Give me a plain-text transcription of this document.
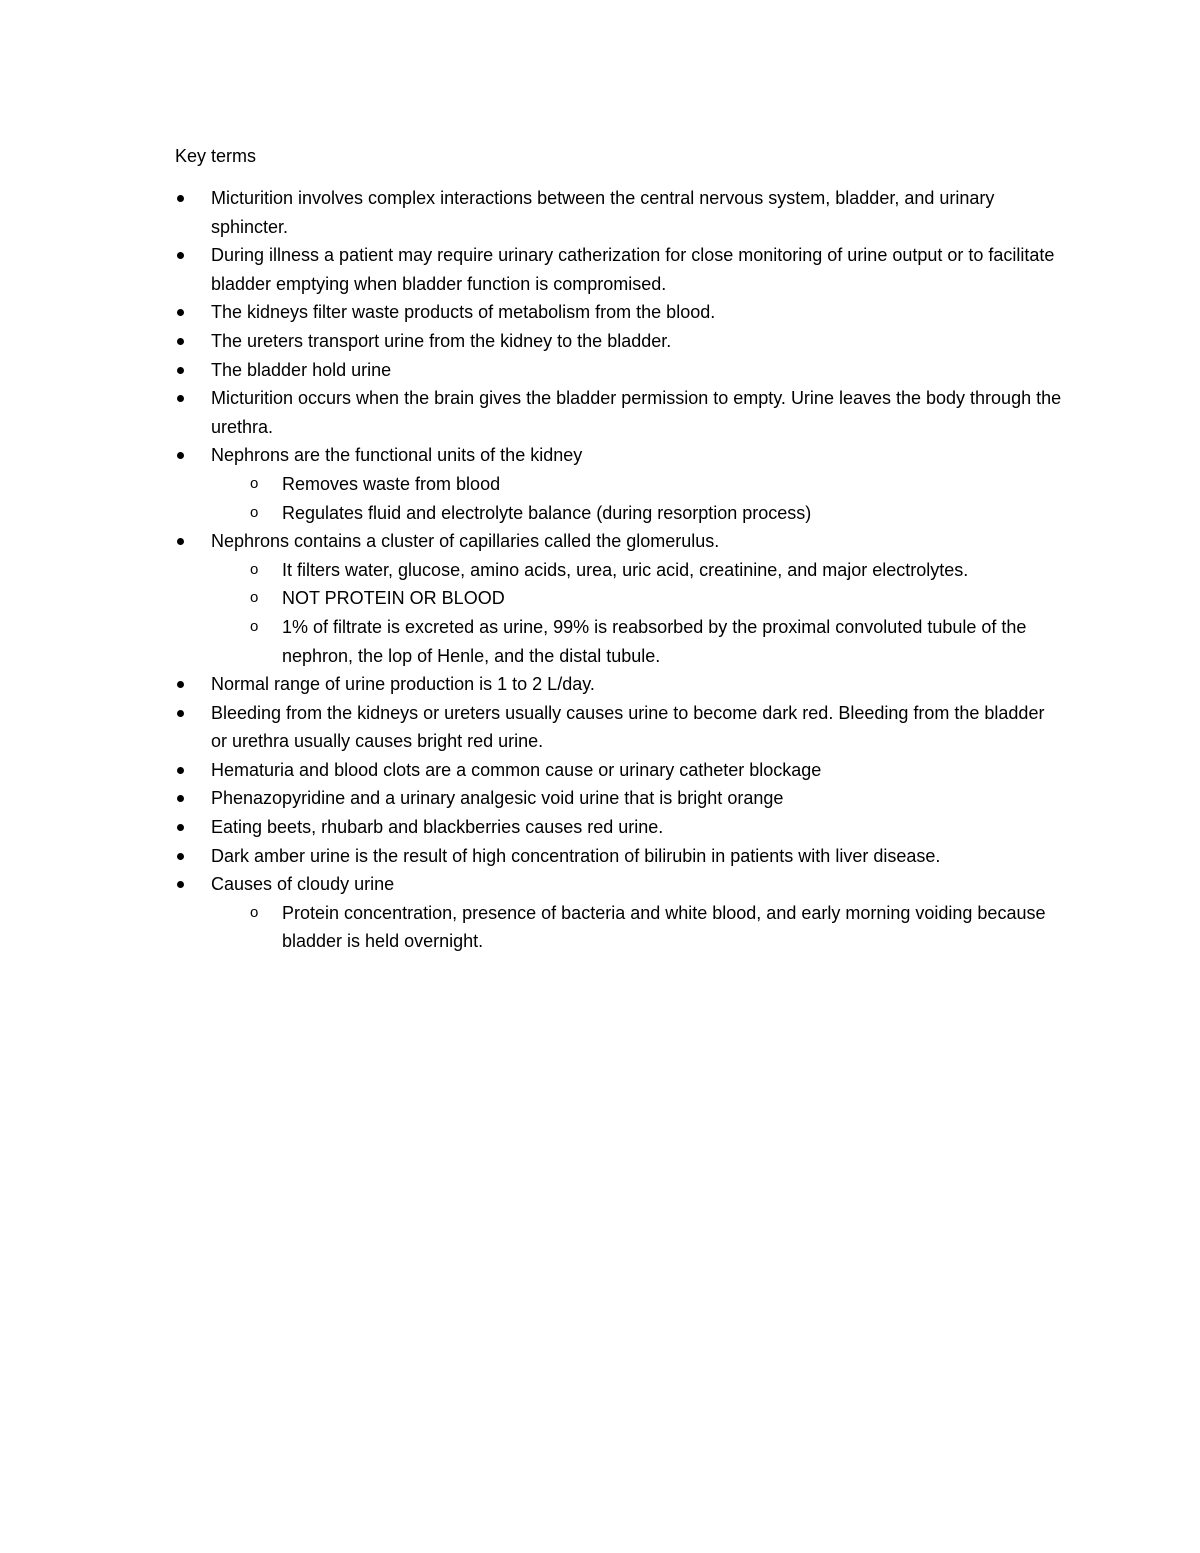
Key terms
Micturition involves complex interactions between the central nervous system, bladder, and urinary sphincter.
During illness a patient may require urinary catherization for close monitoring of urine output or to facilitate bladder emptying when bladder function is compromised.
The kidneys filter waste products of metabolism from the blood.
The ureters transport urine from the kidney to the bladder.
The bladder hold urine
Micturition occurs when the brain gives the bladder permission to empty. Urine leaves the body through the urethra.
Nephrons are the functional units of the kidney
o Removes waste from blood
o Regulates fluid and electrolyte balance (during resorption process)
Nephrons contains a cluster of capillaries called the glomerulus.
o It filters water, glucose, amino acids, urea, uric acid, creatinine, and major electrolytes.
o NOT PROTEIN OR BLOOD
o 1% of filtrate is excreted as urine, 99% is reabsorbed by the proximal convoluted tubule of the nephron, the lop of Henle, and the distal tubule.
Normal range of urine production is 1 to 2 L/day.
Bleeding from the kidneys or ureters usually causes urine to become dark red. Bleeding from the bladder or urethra usually causes bright red urine.
Hematuria and blood clots are a common cause or urinary catheter blockage
Phenazopyridine and a urinary analgesic void urine that is bright orange
Eating beets, rhubarb and blackberries causes red urine.
Dark amber urine is the result of high concentration of bilirubin in patients with liver disease.
Causes of cloudy urine
o Protein concentration, presence of bacteria and white blood, and early morning voiding because bladder is held overnight.
